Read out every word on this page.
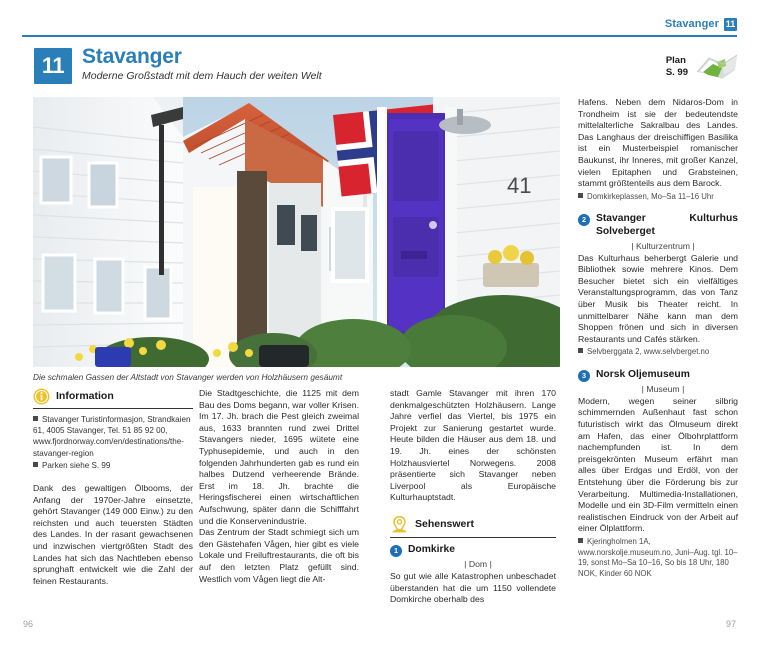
Stavanger 11
11 Stavanger
Moderne Großstadt mit dem Hauch der weiten Welt
Plan
S. 99
41
Die schmalen Gassen der Altstadt von Stavanger werden von Holzhäusern gesäumt
Information
Stavanger Turistinformasjon, Strandkaien 61, 4005 Stavanger, Tel. 51 85 92 00, www.fjordnorway.com/en/destinations/the-stavanger-region
Parken siehe S. 99

Dank des gewaltigen Ölbooms, der Anfang der 1970er-Jahre einsetzte, gehört Stavanger (149 000 Einw.) zu den reichsten und auch teuersten Städten des Landes. In der rasant gewachsenen und inzwischen viertgrößten Stadt des Landes hat sich das Nachtleben ebenso sprunghaft entwickelt wie die Zahl der feinen Restaurants.

Die Stadtgeschichte, die 1125 mit dem Bau des Doms begann, war voller Krisen. Im 17. Jh. brach die Pest gleich zweimal aus, 1633 brannten rund zwei Drittel Stavangers nieder, 1695 wütete eine Typhusepidemie, und auch in den folgenden Jahrhunderten gab es rund ein halbes Dutzend verheerende Brände. Erst im 18. Jh. brachte die Heringsfischerei einen wirtschaftlichen Aufschwung, später dann die Schifffahrt und die Konservenindustrie.

Das Zentrum der Stadt schmiegt sich um den Gästehafen Vågen, hier gibt es viele Lokale und Freiluftrestaurants, die oft bis auf den letzten Platz gefüllt sind. Westlich vom Vågen liegt die Alt-

stadt Gamle Stavanger mit ihren 170 denkmalgeschützten Holzhäusern. Lange Jahre verfiel das Viertel, bis 1975 ein Projekt zur Sanierung gestartet wurde. Heute bilden die Häuser aus dem 18. und 19. Jh. eines der schönsten Holzhausviertel Norwegens. 2008 präsentierte sich Stavanger neben Liverpool als Europäische Kulturhauptstadt.

Sehenswert
1 Domkirke
| Dom |
So gut wie alle Katastrophen unbeschadet überstanden hat die um 1150 vollendete Domkirche oberhalb des

Hafens. Neben dem Nidaros-Dom in Trondheim ist sie der bedeutendste mittelalterliche Sakralbau des Landes. Das Langhaus der dreischiffigen Basilika ist ein Musterbeispiel romanischer Baukunst, ihr Inneres, mit großer Kanzel, vielen Epitaphen und Grabsteinen, stammt größtenteils aus dem Barock.

Domkirkeplassen, Mo–Sa 11–16 Uhr
2 Stavanger Kulturhus Solveberget
| Kulturzentrum |
Das Kulturhaus beherbergt Galerie und Bibliothek sowie mehrere Kinos. Dem Besucher bietet sich ein vielfältiges Veranstaltungsprogramm, das von Tanz über Musik bis Theater reicht. In unmittelbarer Nähe kann man dem Shoppen frönen und sich in diversen Restaurants und Cafés stärken.
Selvberggata 2, www.selvberget.no
3 Norsk Oljemuseum
| Museum |
Modern, wegen seiner silbrig schimmernden Außenhaut fast schon futuristisch wirkt das Ölmuseum direkt am Hafen, das einer Ölbohrplattform nachempfunden ist. In dem preisgekrönten Museum erfährt man alles über Erdgas und Erdöl, von der Entstehung über die Förderung bis zur Verarbeitung. Multimedia-Installationen, Modelle und ein 3D-Film vermitteln einen realistischen Eindruck von der Arbeit auf einer Ölplattform.
Kjeringholmen 1A, www.norskolje.museum.no, Juni–Aug. tgl. 10–19, sonst Mo–Sa 10–16, So bis 18 Uhr, 180 NOK, Kinder 60 NOK
96	97
